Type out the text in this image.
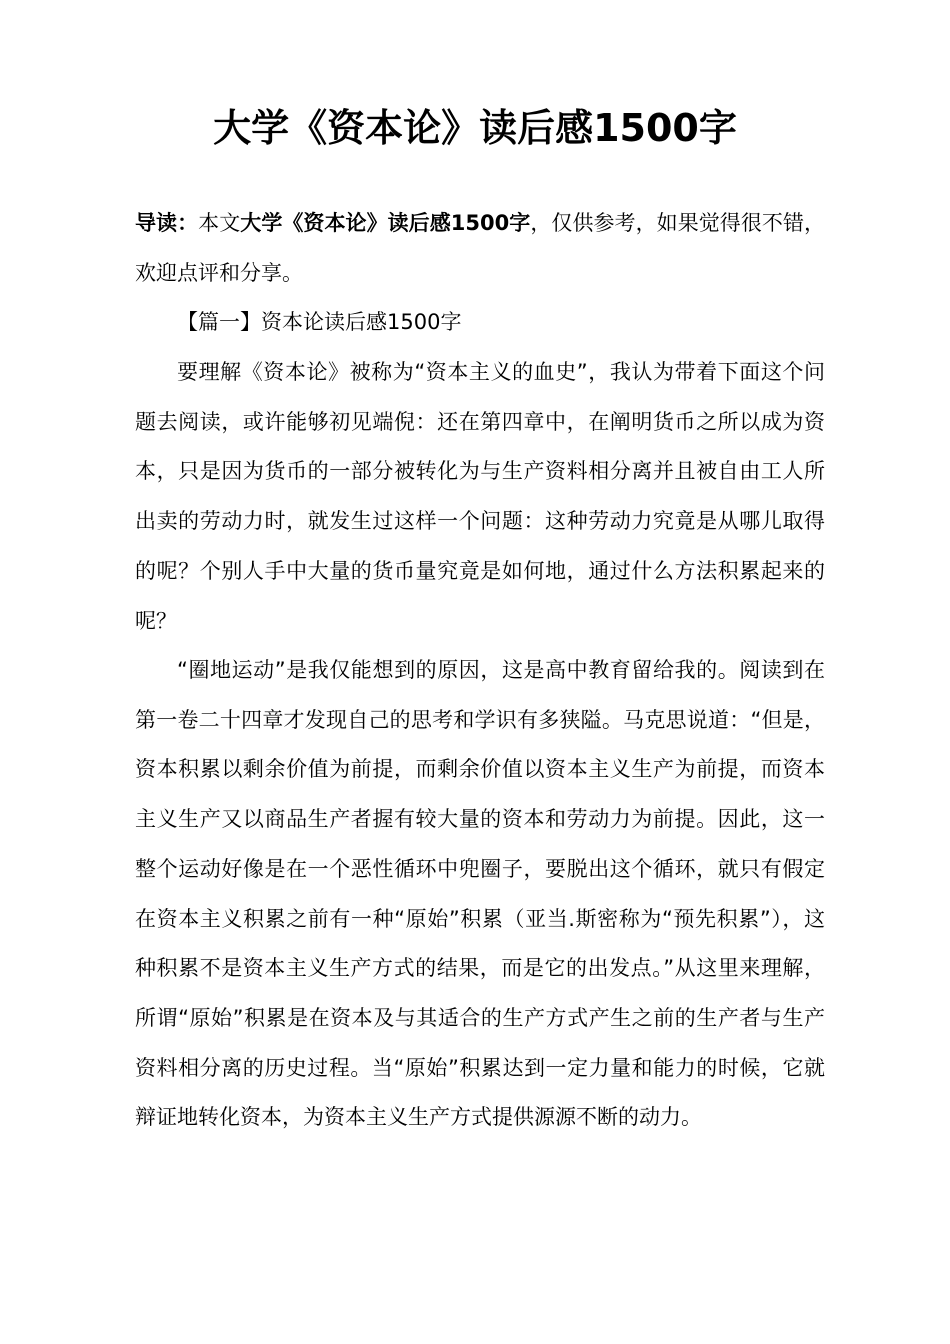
大学《资本论》读后感1500字

导读：本文大学《资本论》读后感1500字，仅供参考，如果觉得很不错，欢迎点评和分享。

【篇一】资本论读后感1500字

要理解《资本论》被称为“资本主义的血史”，我认为带着下面这个问题去阅读，或许能够初见端倪：还在第四章中，在阐明货币之所以成为资本，只是因为货币的一部分被转化为与生产资料相分离并且被自由工人所出卖的劳动力时，就发生过这样一个问题：这种劳动力究竟是从哪儿取得的呢？个别人手中大量的货币量究竟是如何地，通过什么方法积累起来的呢？

“圈地运动”是我仅能想到的原因，这是高中教育留给我的。阅读到在第一卷二十四章才发现自己的思考和学识有多狭隘。马克思说道：“但是，资本积累以剩余价值为前提，而剩余价值以资本主义生产为前提，而资本主义生产又以商品生产者握有较大量的资本和劳动力为前提。因此，这一整个运动好像是在一个恶性循环中兜圈子，要脱出这个循环，就只有假定在资本主义积累之前有一种“原始”积累（亚当.斯密称为“预先积累”），这种积累不是资本主义生产方式的结果，而是它的出发点。”从这里来理解，所谓“原始”积累是在资本及与其适合的生产方式产生之前的生产者与生产资料相分离的历史过程。当“原始”积累达到一定力量和能力的时候，它就辩证地转化资本，为资本主义生产方式提供源源不断的动力。
